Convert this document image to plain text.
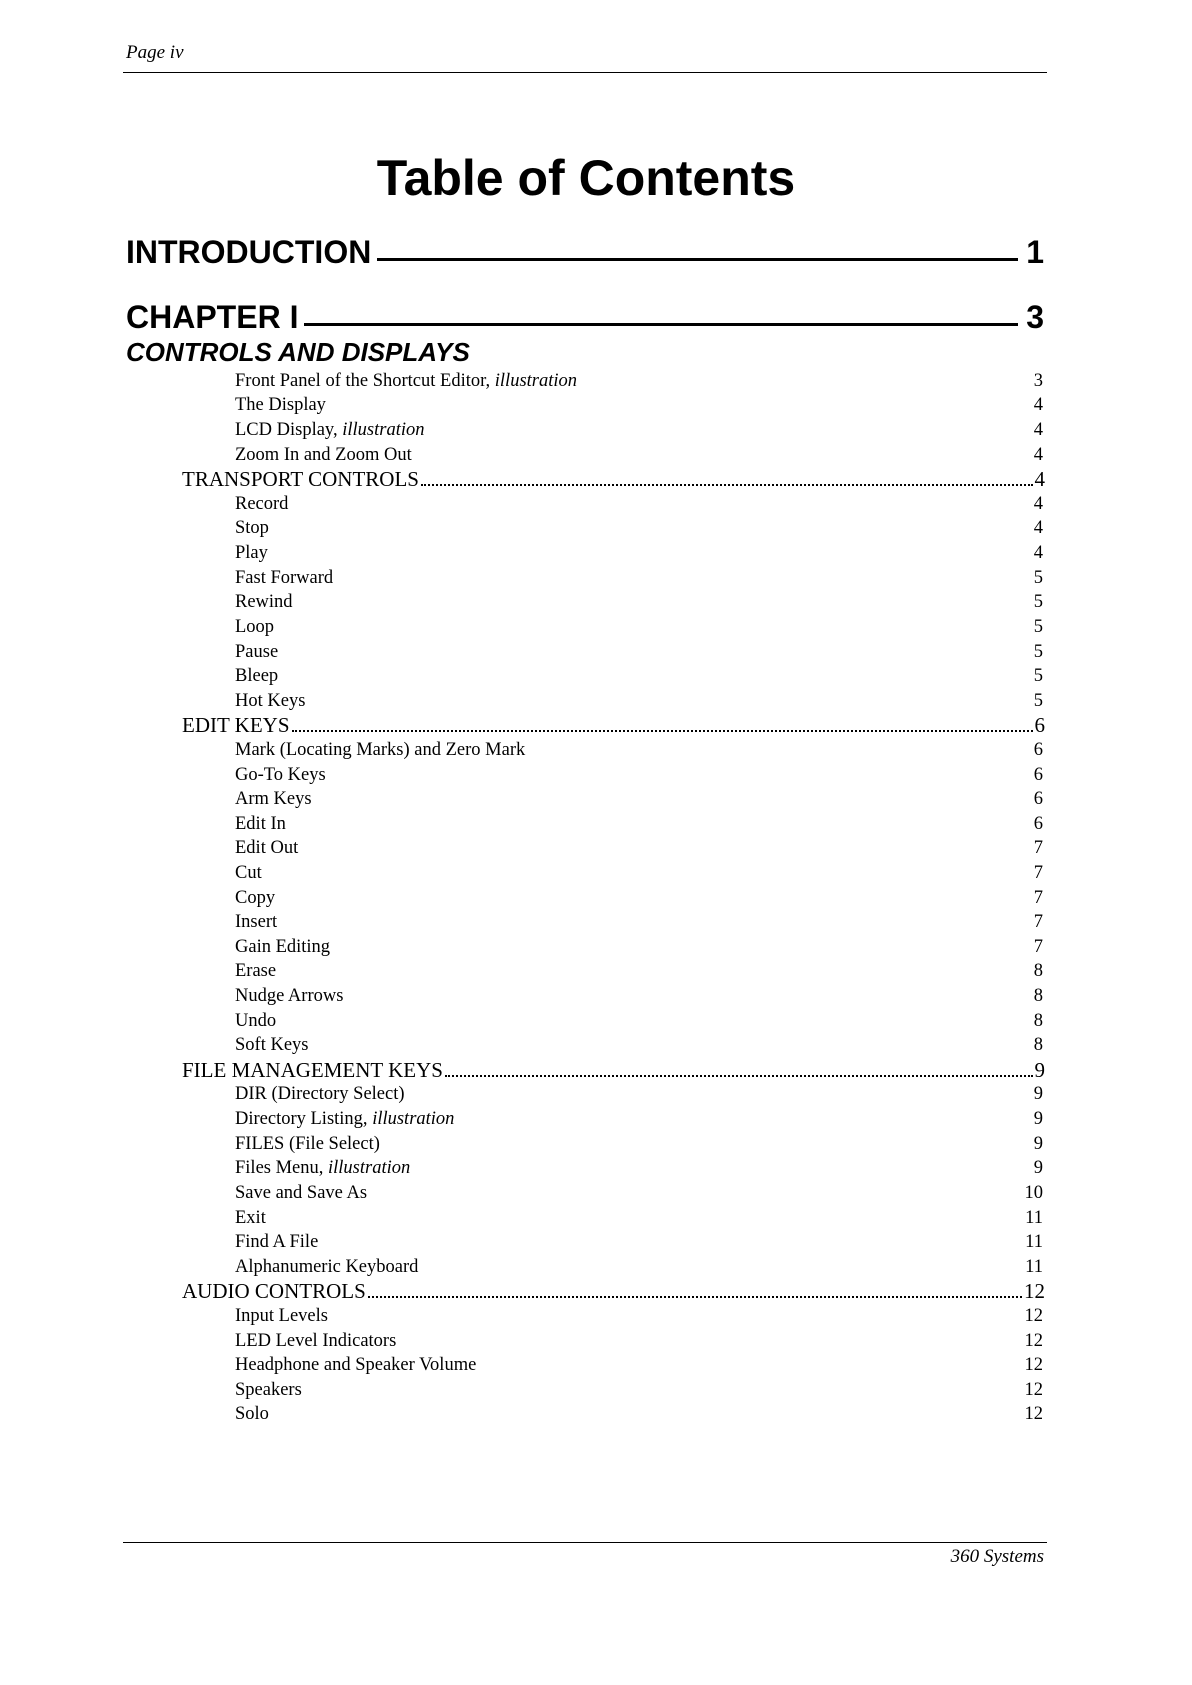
Page iv
Table of Contents
INTRODUCTION	1
CHAPTER I	3
CONTROLS AND DISPLAYS
Front Panel of the Shortcut Editor, illustration	3
The Display	4
LCD Display, illustration	4
Zoom In and Zoom Out	4
TRANSPORT CONTROLS	4
Record	4
Stop	4
Play	4
Fast Forward	5
Rewind	5
Loop	5
Pause	5
Bleep	5
Hot Keys	5
EDIT KEYS	6
Mark (Locating Marks) and Zero Mark	6
Go-To Keys	6
Arm Keys	6
Edit In	6
Edit Out	7
Cut	7
Copy	7
Insert	7
Gain Editing	7
Erase	8
Nudge Arrows	8
Undo	8
Soft Keys	8
FILE MANAGEMENT KEYS	9
DIR (Directory Select)	9
Directory Listing, illustration	9
FILES (File Select)	9
Files Menu, illustration	9
Save and Save As	10
Exit	11
Find A File	11
Alphanumeric Keyboard	11
AUDIO CONTROLS	12
Input Levels	12
LED Level Indicators	12
Headphone and Speaker Volume	12
Speakers	12
Solo	12
360 Systems
